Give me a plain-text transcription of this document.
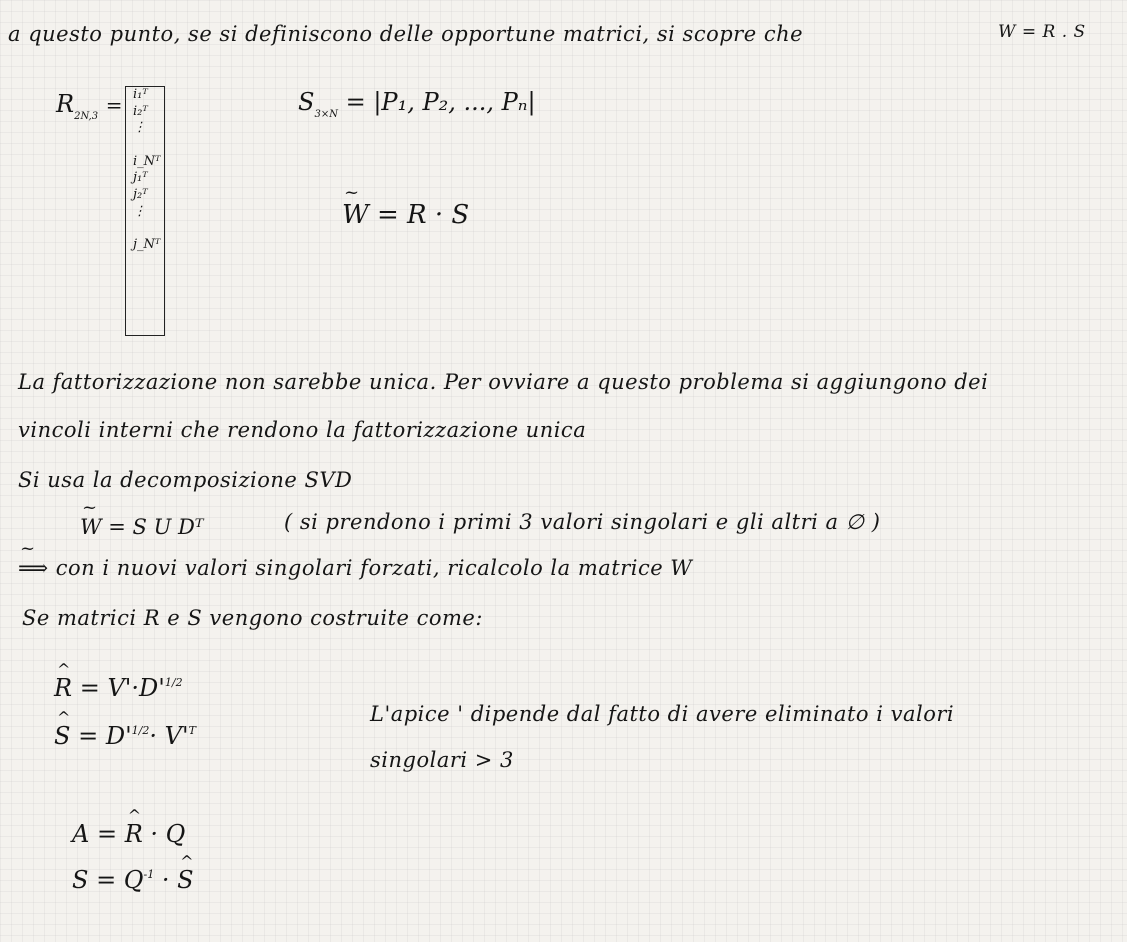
a questo punto, se si definiscono delle opportune matrici, si scopre che	W = R . S
$R_{2N,3}$ = i₁ᵀ
i₂ᵀ
⋮
i_Nᵀ
j₁ᵀ
j₂ᵀ
⋮
j_Nᵀ
$S_{3\times N} = |P_1$, P₂, ..., Pₙ|
~ W = R · S
La fattorizzazione non sarebbe unica. Per ovviare a questo problema si aggiungono dei
vincoli interni che rendono la fattorizzazione unica
Si usa la decomposizione SVD
~ W = S U Dᵀ	( si prendono i primi 3 valori singolari e gli altri a ∅ )
~ ⟹ con i nuovi valori singolari forzati, ricalcolo la matrice W
Se matrici R e S vengono costruite come:
^ $R = V'\cdot D'^{1/2}$
^ $S = D'^{1/2}\cdot V'^T$
L'apice ' dipende dal fatto di avere eliminato i valori
singolari > 3
A = ^ R · Q
$S = Q^{-1}$ · ^ S
